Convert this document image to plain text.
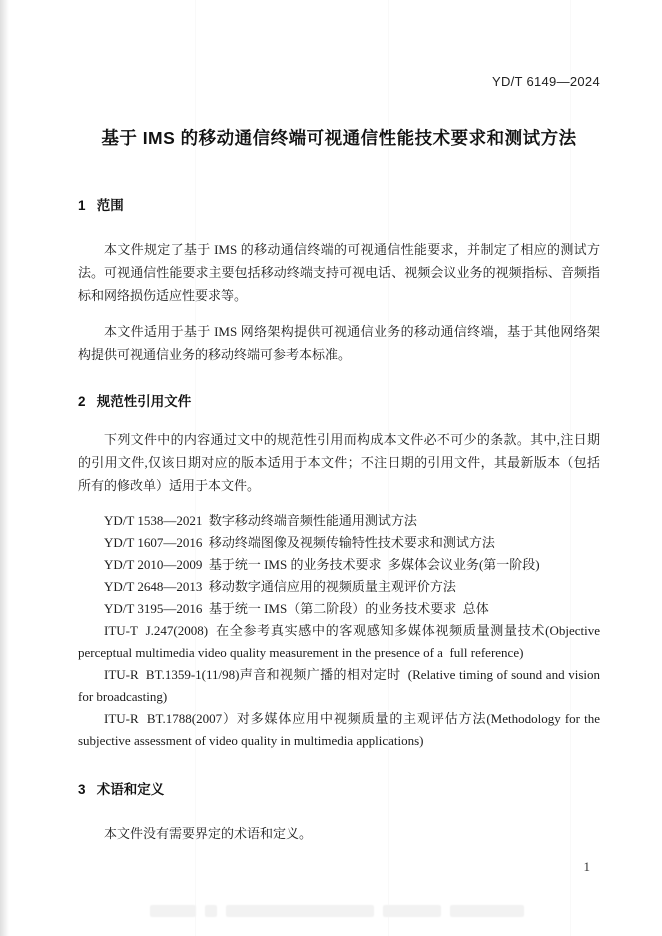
YD/T 6149—2024
基于 IMS 的移动通信终端可视通信性能技术要求和测试方法
1   范围

本文件规定了基于 IMS 的移动通信终端的可视通信性能要求，并制定了相应的测试方法。可视通信性能要求主要包括移动终端支持可视电话、视频会议业务的视频指标、音频指标和网络损伤适应性要求等。

本文件适用于基于 IMS 网络架构提供可视通信业务的移动通信终端，基于其他网络架构提供可视通信业务的移动终端可参考本标准。

2   规范性引用文件

下列文件中的内容通过文中的规范性引用而构成本文件必不可少的条款。其中,注日期的引用文件,仅该日期对应的版本适用于本文件；不注日期的引用文件，其最新版本（包括所有的修改单）适用于本文件。

YD/T 1538—2021  数字移动终端音频性能通用测试方法
YD/T 1607—2016  移动终端图像及视频传输特性技术要求和测试方法
YD/T 2010—2009  基于统一 IMS 的业务技术要求  多媒体会议业务(第一阶段)
YD/T 2648—2013  移动数字通信应用的视频质量主观评价方法
YD/T 3195—2016  基于统一 IMS（第二阶段）的业务技术要求  总体
ITU-T  J.247(2008)  在全参考真实感中的客观感知多媒体视频质量测量技术(Objective  perceptual multimedia video quality measurement in the presence of a  full reference)
ITU-R  BT.1359-1(11/98)声音和视频广播的相对定时  (Relative timing of sound and vision for broadcasting)
ITU-R  BT.1788(2007）对多媒体应用中视频质量的主观评估方法(Methodology for the subjective assessment of video quality in multimedia applications)
3   术语和定义

本文件没有需要界定的术语和定义。

1
